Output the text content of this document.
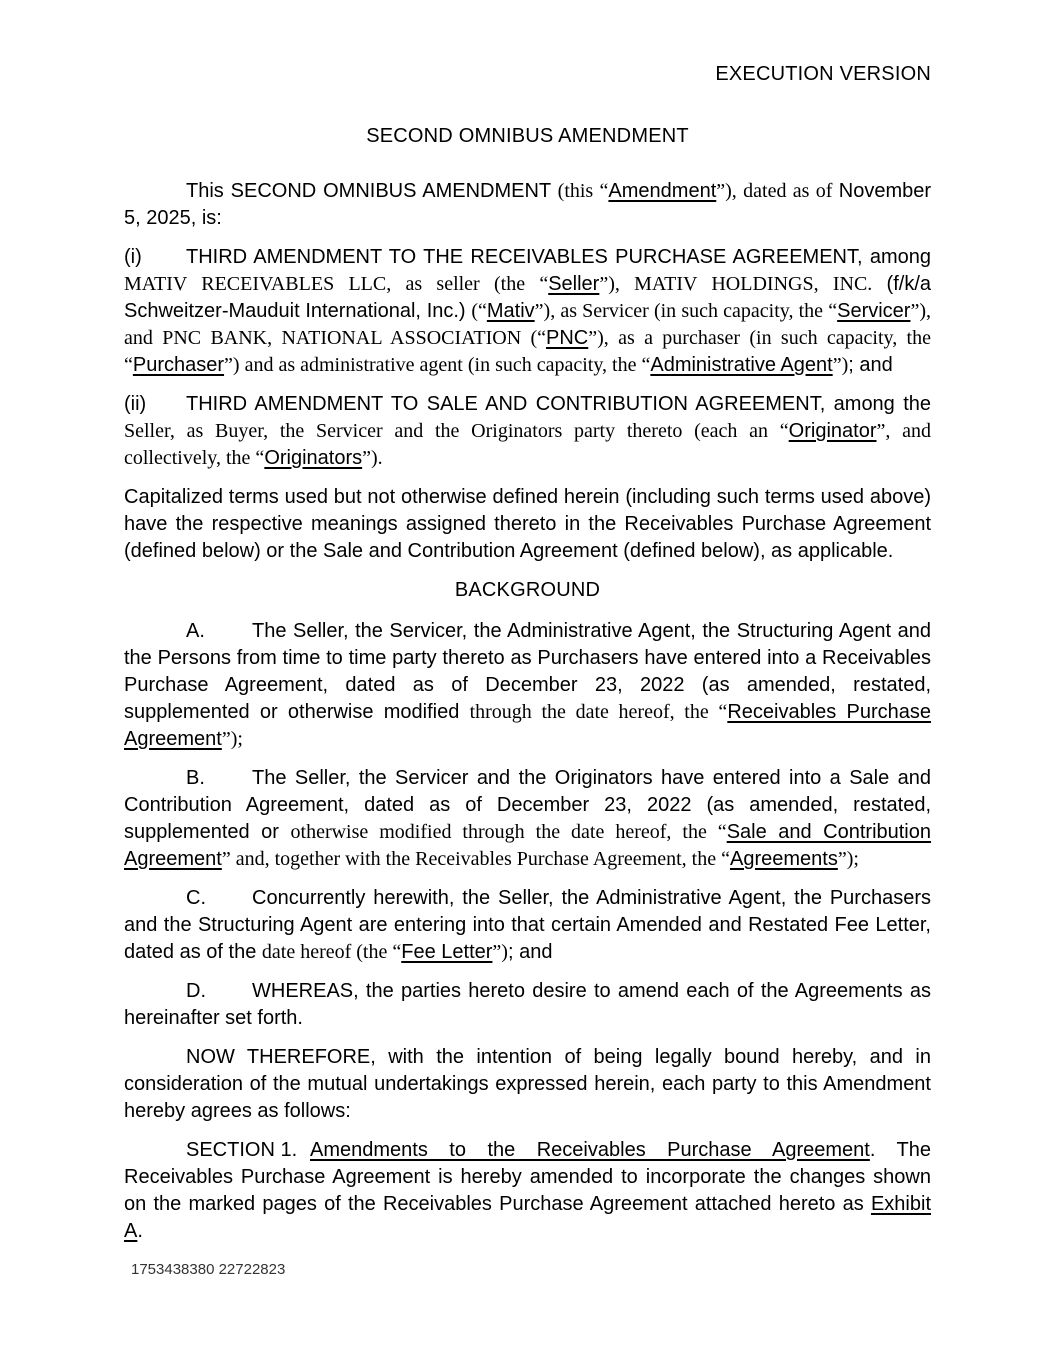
EXECUTION VERSION
SECOND OMNIBUS AMENDMENT

This SECOND OMNIBUS AMENDMENT (this “Amendment”), dated as of November 5, 2025, is:

(i) THIRD AMENDMENT TO THE RECEIVABLES PURCHASE AGREEMENT, among MATIV RECEIVABLES LLC, as seller (the “Seller”), MATIV HOLDINGS, INC. (f/k/a Schweitzer-Mauduit International, Inc.) (“Mativ”), as Servicer (in such capacity, the “Servicer”), and PNC BANK, NATIONAL ASSOCIATION (“PNC”), as a purchaser (in such capacity, the “Purchaser”) and as administrative agent (in such capacity, the “Administrative Agent”); and

(ii) THIRD AMENDMENT TO SALE AND CONTRIBUTION AGREEMENT, among the Seller, as Buyer, the Servicer and the Originators party thereto (each an “Originator”, and collectively, the “Originators”).

Capitalized terms used but not otherwise defined herein (including such terms used above) have the respective meanings assigned thereto in the Receivables Purchase Agreement (defined below) or the Sale and Contribution Agreement (defined below), as applicable.

BACKGROUND

A. The Seller, the Servicer, the Administrative Agent, the Structuring Agent and the Persons from time to time party thereto as Purchasers have entered into a Receivables Purchase Agreement, dated as of December 23, 2022 (as amended, restated, supplemented or otherwise modified through the date hereof, the “Receivables Purchase Agreement”);

B. The Seller, the Servicer and the Originators have entered into a Sale and Contribution Agreement, dated as of December 23, 2022 (as amended, restated, supplemented or otherwise modified through the date hereof, the “Sale and Contribution Agreement” and, together with the Receivables Purchase Agreement, the “Agreements”);

C. Concurrently herewith, the Seller, the Administrative Agent, the Purchasers and the Structuring Agent are entering into that certain Amended and Restated Fee Letter, dated as of the date hereof (the “Fee Letter”); and

D. WHEREAS, the parties hereto desire to amend each of the Agreements as hereinafter set forth.

NOW THEREFORE, with the intention of being legally bound hereby, and in consideration of the mutual undertakings expressed herein, each party to this Amendment hereby agrees as follows:

SECTION 1. Amendments to the Receivables Purchase Agreement. The Receivables Purchase Agreement is hereby amended to incorporate the changes shown on the marked pages of the Receivables Purchase Agreement attached hereto as Exhibit A.

1753438380 22722823
